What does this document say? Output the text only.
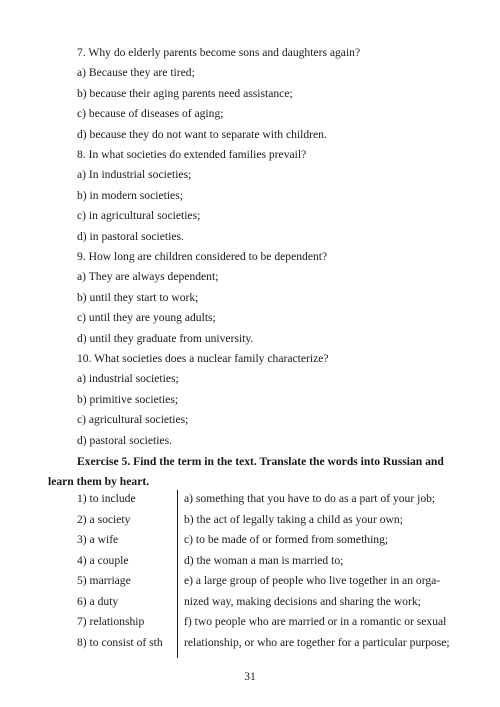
7. Why do elderly parents become sons and daughters again?
a) Because they are tired;
b) because their aging parents need assistance;
c) because of diseases of aging;
d) because they do not want to separate with children.
8. In what societies do extended families prevail?
a) In industrial societies;
b) in modern societies;
c) in agricultural societies;
d) in pastoral societies.
9. How long are children considered to be dependent?
a) They are always dependent;
b) until they start to work;
c) until they are young adults;
d) until they graduate from university.
10. What societies does a nuclear family characterize?
a) industrial societies;
b) primitive societies;
c) agricultural societies;
d) pastoral societies.
Exercise 5. Find the term in the text. Translate the words into Russian and learn them by heart.
1) to include
2) a society
3) a wife
4) a couple
5) marriage
6) a duty
7) relationship
8) to consist of sth
a) something that you have to do as a part of your job;
b) the act of legally taking a child as your own;
c) to be made of or formed from something;
d) the woman a man is married to;
e) a large group of people who live together in an orga-
nized way, making decisions and sharing the work;
f) two people who are married or in a romantic or sexual
relationship, or who are together for a particular purpose;
31
